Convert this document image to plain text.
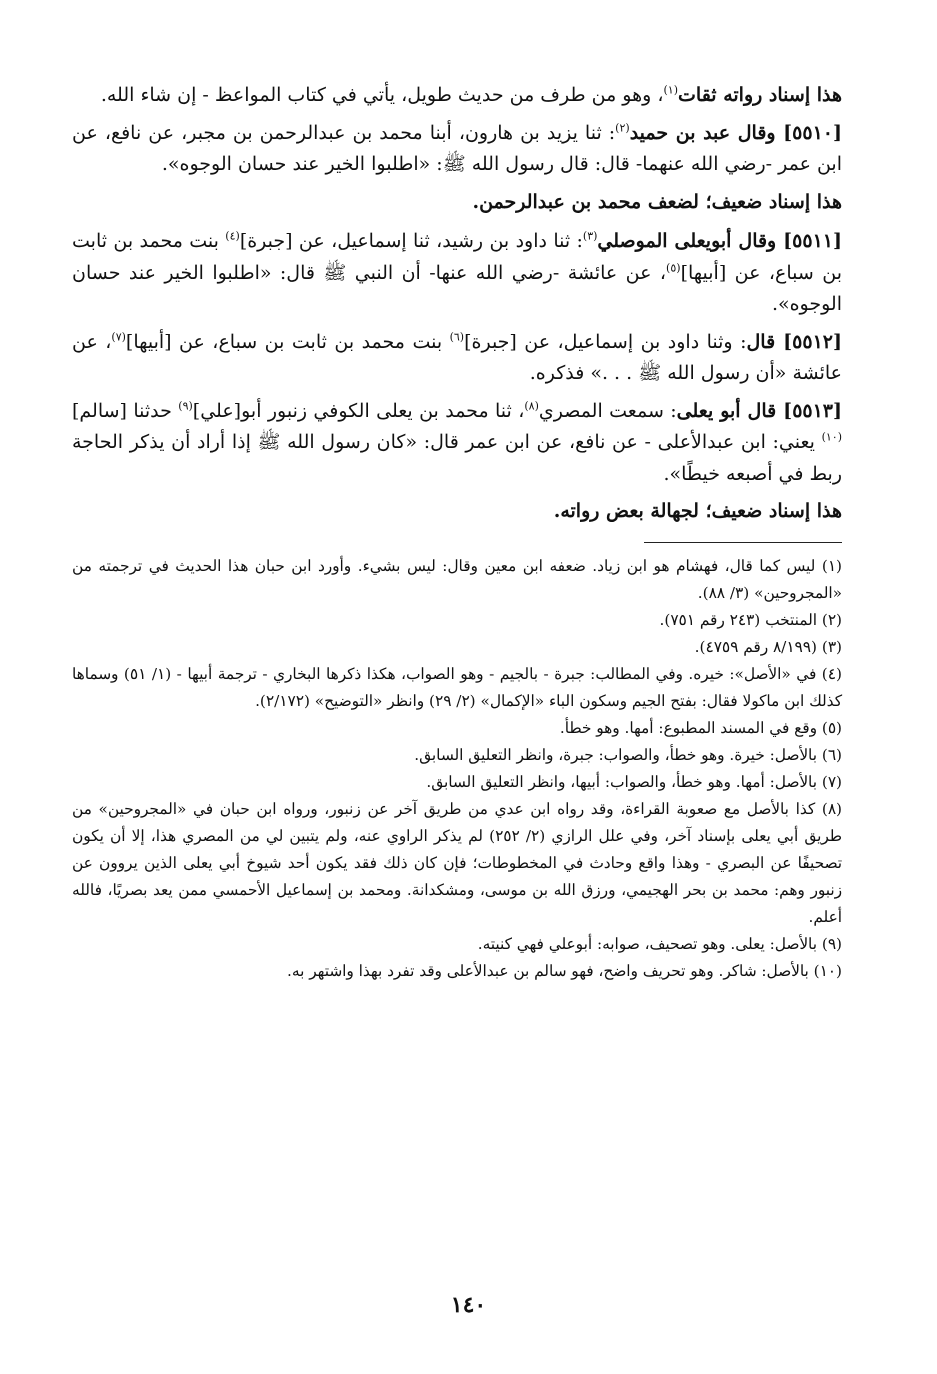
هذا إسناد رواته ثقات$^{(١)}$، وهو من طرف من حديث طويل، يأتي في كتاب المواعظ - إن شاء الله.

[٥٥١٠] وقال عبد بن حميد$^{(٢)}$: ثنا يزيد بن هارون، أبنا محمد بن عبدالرحمن بن مجبر، عن نافع، عن ابن عمر -رضي الله عنهما- قال: قال رسول الله ﷺ: «اطلبوا الخير عند حسان الوجوه».

هذا إسناد ضعيف؛ لضعف محمد بن عبدالرحمن.

[٥٥١١] وقال أبويعلى الموصلي$^{(٣)}$: ثنا داود بن رشيد، ثنا إسماعيل، عن [جبرة]$^{(٤)}$ بنت محمد بن ثابت بن سباع، عن [أبيها]$^{(٥)}$، عن عائشة -رضي الله عنها- أن النبي ﷺ قال: «اطلبوا الخير عند حسان الوجوه».

[٥٥١٢] قال: وثنا داود بن إسماعيل، عن [جبرة]$^{(٦)}$ بنت محمد بن ثابت بن سباع، عن [أبيها]$^{(٧)}$، عن عائشة «أن رسول الله ﷺ . . .» فذكره.

[٥٥١٣] قال أبو يعلى: سمعت المصري$^{(٨)}$، ثنا محمد بن يعلى الكوفي زنبور أبو[علي]$^{(٩)}$ حدثنا [سالم]$^{(١٠)}$ يعني: ابن عبدالأعلى - عن نافع، عن ابن عمر قال: «كان رسول الله ﷺ إذا أراد أن يذكر الحاجة ربط في أصبعه خيطًا».

هذا إسناد ضعيف؛ لجهالة بعض رواته.

(١) ليس كما قال، فهشام هو ابن زياد. ضعفه ابن معين وقال: ليس بشيء. وأورد ابن حبان هذا الحديث في ترجمته من «المجروحين» (٣/ ٨٨).

(٢) المنتخب (٢٤٣ رقم ٧٥١).

(٣) (٨/١٩٩ رقم ٤٧٥٩).

(٤) في «الأصل»: خيره. وفي المطالب: جبرة - بالجيم - وهو الصواب، هكذا ذكرها البخاري - ترجمة أبيها - (١/ ٥١) وسماها كذلك ابن ماكولا فقال: بفتح الجيم وسكون الباء «الإكمال» (٢/ ٢٩) وانظر «التوضيح» (٢/١٧٢).

(٥) وقع في المسند المطبوع: أمها. وهو خطأ.

(٦) بالأصل: خيرة. وهو خطأ، والصواب: جبرة، وانظر التعليق السابق.

(٧) بالأصل: أمها. وهو خطأ، والصواب: أبيها، وانظر التعليق السابق.

(٨) كذا بالأصل مع صعوبة القراءة، وقد رواه ابن عدي من طريق آخر عن زنبور، ورواه ابن حبان في «المجروحين» من طريق أبي يعلى بإسناد آخر، وفي علل الرازي (٢/ ٢٥٢) لم يذكر الراوي عنه، ولم يتبين لي من المصري هذا، إلا أن يكون تصحيفًا عن البصري - وهذا واقع وحادث في المخطوطات؛ فإن كان ذلك فقد يكون أحد شيوخ أبي يعلى الذين يروون عن زنبور وهم: محمد بن بحر الهجيمي، ورزق الله بن موسى، ومشكدانة. ومحمد بن إسماعيل الأحمسي ممن يعد بصريًا، فالله أعلم.

(٩) بالأصل: يعلى. وهو تصحيف، صوابه: أبوعلي فهي كنيته.

(١٠) بالأصل: شاكر. وهو تحريف واضح، فهو سالم بن عبدالأعلى وقد تفرد بهذا واشتهر به.

١٤٠
